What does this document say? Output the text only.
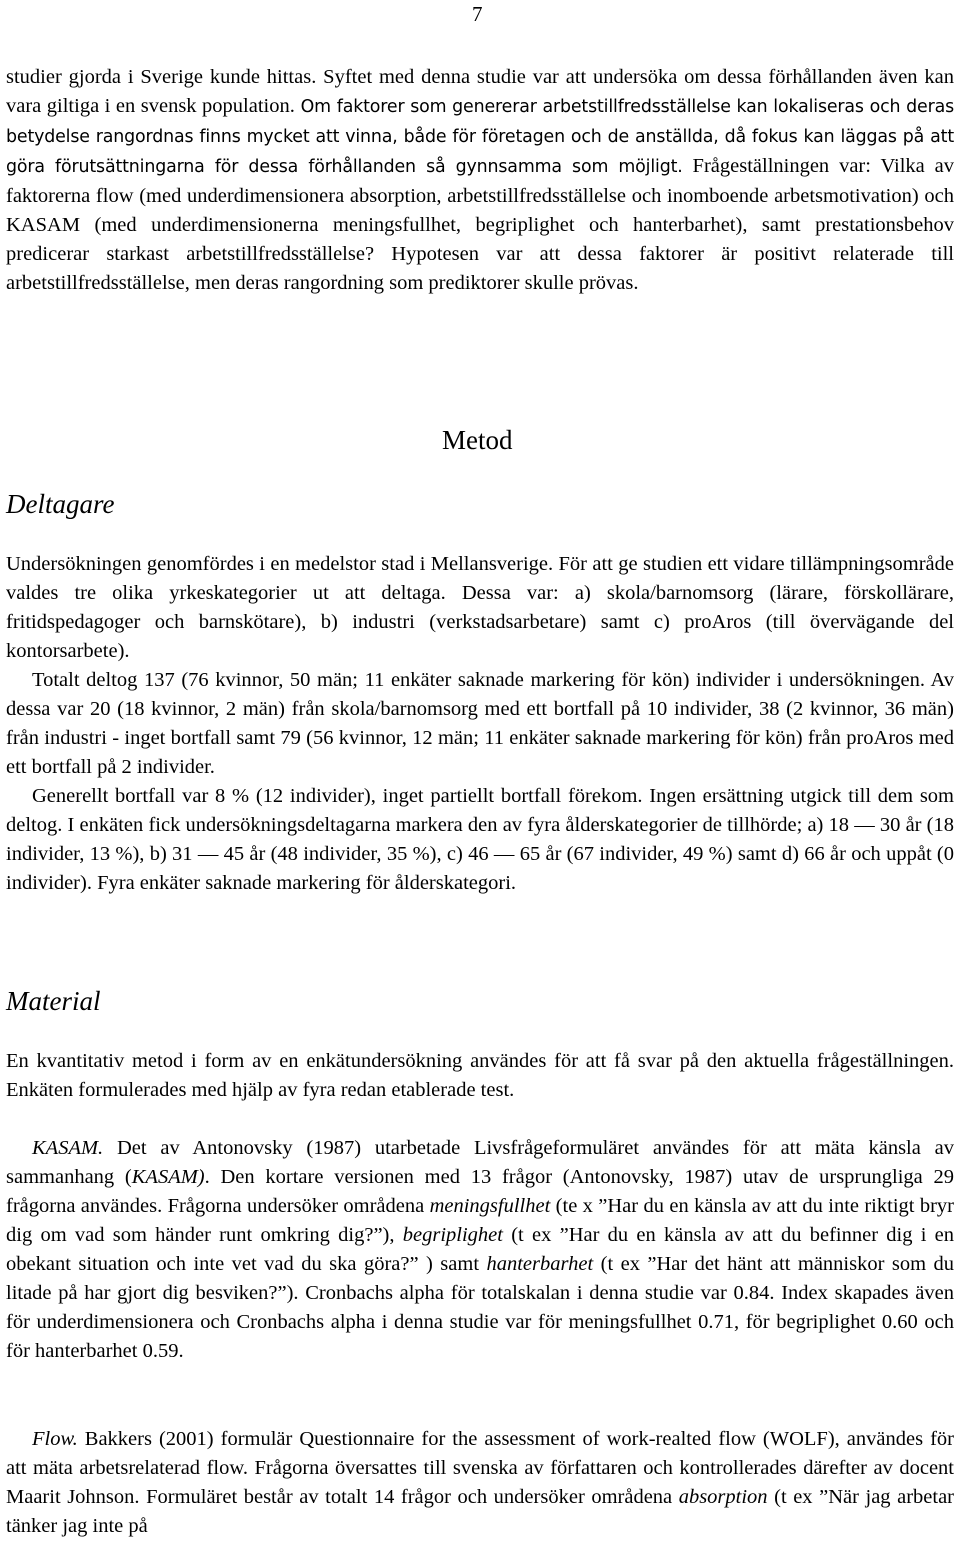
7

studier gjorda i Sverige kunde hittas. Syftet med denna studie var att undersöka om dessa förhållanden även kan vara giltiga i en svensk population. Om faktorer som genererar arbetstillfredsställelse kan lokaliseras och deras betydelse rangordnas finns mycket att vinna, både för företagen och de anställda, då fokus kan läggas på att göra förutsättningarna för dessa förhållanden så gynnsamma som möjligt. Frågeställningen var: Vilka av faktorerna flow (med underdimensionera absorption, arbetstillfredsställelse och inomboende arbetsmotivation) och KASAM (med underdimensionerna meningsfullhet, begriplighet och hanterbarhet), samt prestationsbehov predicerar starkast arbetstillfredsställelse? Hypotesen var att dessa faktorer är positivt relaterade till arbetstillfredsställelse, men deras rangordning som prediktorer skulle prövas.

Metod
Deltagare

Undersökningen genomfördes i en medelstor stad i Mellansverige. För att ge studien ett vidare tillämpningsområde valdes tre olika yrkeskategorier ut att deltaga. Dessa var: a) skola/barnomsorg (lärare, förskollärare, fritidspedagoger och barnskötare), b) industri (verkstadsarbetare) samt c) proAros (till övervägande del kontorsarbete).

Totalt deltog 137 (76 kvinnor, 50 män; 11 enkäter saknade markering för kön) individer i undersökningen. Av dessa var 20 (18 kvinnor, 2 män) från skola/barnomsorg med ett bortfall på 10 individer, 38 (2 kvinnor, 36 män) från industri - inget bortfall samt 79 (56 kvinnor, 12 män; 11 enkäter saknade markering för kön) från proAros med ett bortfall på 2 individer.

Generellt bortfall var 8 % (12 individer), inget partiellt bortfall förekom. Ingen ersättning utgick till dem som deltog. I enkäten fick undersökningsdeltagarna markera den av fyra ålderskategorier de tillhörde; a) 18 — 30 år (18 individer, 13 %), b) 31 — 45 år (48 individer, 35 %), c) 46 — 65 år (67 individer, 49 %) samt d) 66 år och uppåt (0 individer). Fyra enkäter saknade markering för ålderskategori.

Material

En kvantitativ metod i form av en enkätundersökning användes för att få svar på den aktuella frågeställningen. Enkäten formulerades med hjälp av fyra redan etablerade test.

KASAM. Det av Antonovsky (1987) utarbetade Livsfrågeformuläret användes för att mäta känsla av sammanhang (KASAM). Den kortare versionen med 13 frågor (Antonovsky, 1987) utav de ursprungliga 29 frågorna användes. Frågorna undersöker områdena meningsfullhet (te x ”Har du en känsla av att du inte riktigt bryr dig om vad som händer runt omkring dig?”), begriplighet (t ex ”Har du en känsla av att du befinner dig i en obekant situation och inte vet vad du ska göra?” ) samt hanterbarhet (t ex ”Har det hänt att människor som du litade på har gjort dig besviken?”). Cronbachs alpha för totalskalan i denna studie var 0.84. Index skapades även för underdimensionera och Cronbachs alpha i denna studie var för meningsfullhet 0.71, för begriplighet 0.60 och för hanterbarhet 0.59.

Flow. Bakkers (2001) formulär Questionnaire for the assessment of work-realted flow (WOLF), användes för att mäta arbetsrelaterad flow. Frågorna översattes till svenska av författaren och kontrollerades därefter av docent Maarit Johnson. Formuläret består av totalt 14 frågor och undersöker områdena absorption (t ex ”När jag arbetar tänker jag inte på
